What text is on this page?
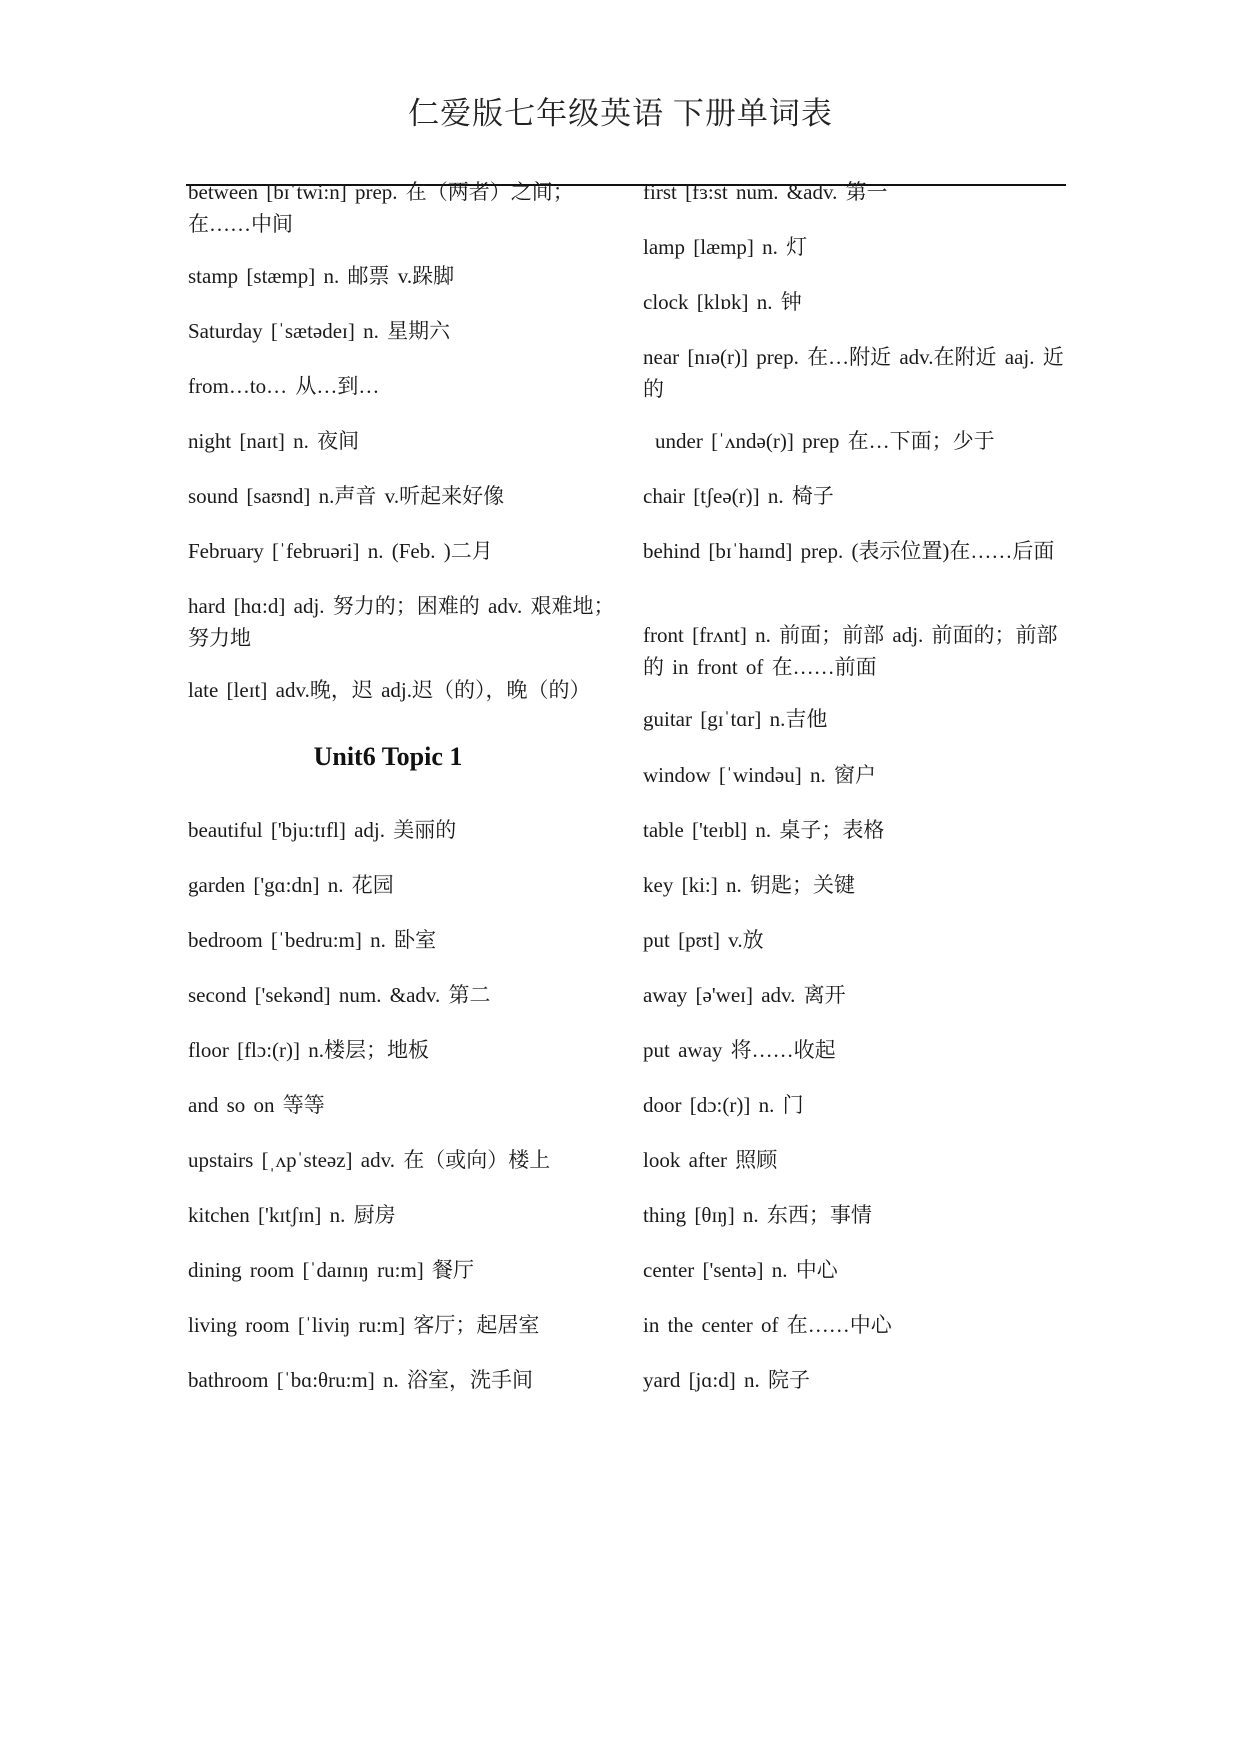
仁爱版七年级英语 下册单词表
between [bɪˈtwi:n] prep. 在（两者）之间；在……中间
stamp [stæmp] n. 邮票 v.跺脚
Saturday [ˈsætədeɪ] n. 星期六
from…to… 从…到…
night [naɪt] n. 夜间
sound [saʊnd] n.声音 v.听起来好像
February [ˈfebruəri] n. (Feb. )二月
hard [hɑ:d] adj. 努力的；困难的 adv. 艰难地；努力地
late [leɪt] adv.晚，迟 adj.迟（的），晚（的）
Unit6 Topic 1
beautiful ['bju:tɪfl] adj. 美丽的
garden ['gɑ:dn] n. 花园
bedroom [ˈbedru:m] n. 卧室
second ['sekənd] num. &adv. 第二
floor [flɔ:(r)] n.楼层；地板
and so on 等等
upstairs [ˌʌpˈsteəz] adv. 在（或向）楼上
kitchen ['kɪtʃɪn] n. 厨房
dining room [ˈdaɪnɪŋ ru:m] 餐厅
living room [ˈliviŋ ru:m] 客厅；起居室
bathroom [ˈbɑ:θru:m] n. 浴室，洗手间
first [fɜ:st num. &adv. 第一
lamp [læmp] n. 灯
clock [klɒk] n. 钟
near [nɪə(r)] prep. 在…附近 adv.在附近 aaj. 近的
under [ˈʌndə(r)] prep 在…下面；少于
chair [tʃeə(r)] n. 椅子
behind [bɪˈhaɪnd] prep. (表示位置)在……后面
front [frʌnt] n. 前面；前部 adj. 前面的；前部的 in front of 在……前面
guitar [gɪˈtɑr] n.吉他
window [ˈwindəu] n. 窗户
table ['teɪbl] n. 桌子；表格
key [ki:] n. 钥匙；关键
put [pʊt] v.放
away [ə'weɪ] adv. 离开
put away 将……收起
door [dɔ:(r)] n. 门
look after 照顾
thing [θɪŋ] n. 东西；事情
center ['sentə] n. 中心
in the center of 在……中心
yard [jɑ:d] n. 院子
